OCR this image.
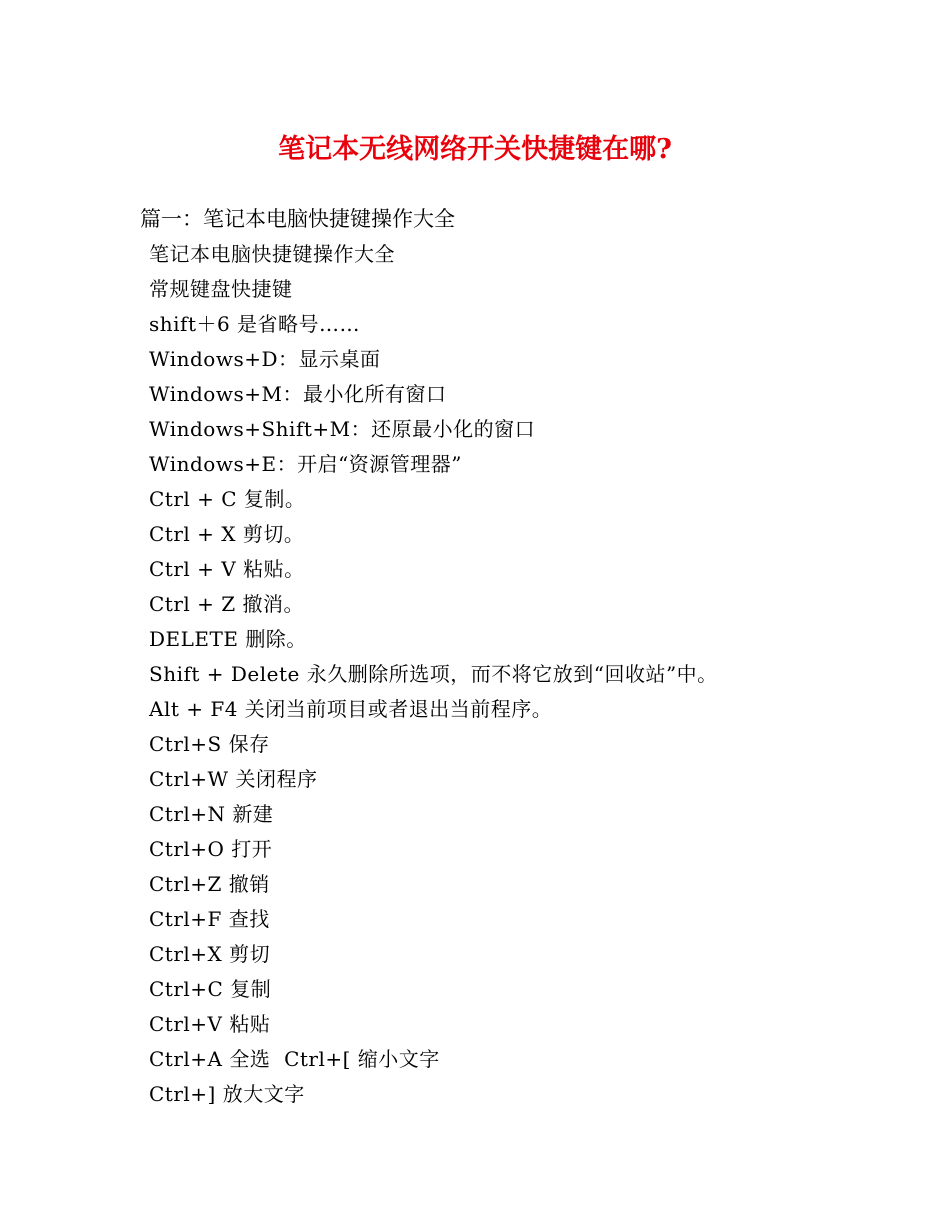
笔记本无线网络开关快捷键在哪?
篇一：笔记本电脑快捷键操作大全
笔记本电脑快捷键操作大全
常规键盘快捷键
shift＋6 是省略号……
Windows+D：显示桌面
Windows+M：最小化所有窗口
Windows+Shift+M：还原最小化的窗口
Windows+E：开启“资源管理器”
Ctrl + C 复制。
Ctrl + X 剪切。
Ctrl + V 粘贴。
Ctrl + Z 撤消。
DELETE 删除。
Shift + Delete 永久删除所选项，而不将它放到“回收站”中。
Alt + F4 关闭当前项目或者退出当前程序。
Ctrl+S 保存
Ctrl+W 关闭程序
Ctrl+N 新建
Ctrl+O 打开
Ctrl+Z 撤销
Ctrl+F 查找
Ctrl+X 剪切
Ctrl+C 复制
Ctrl+V 粘贴
Ctrl+A 全选  Ctrl+[ 缩小文字
Ctrl+] 放大文字
